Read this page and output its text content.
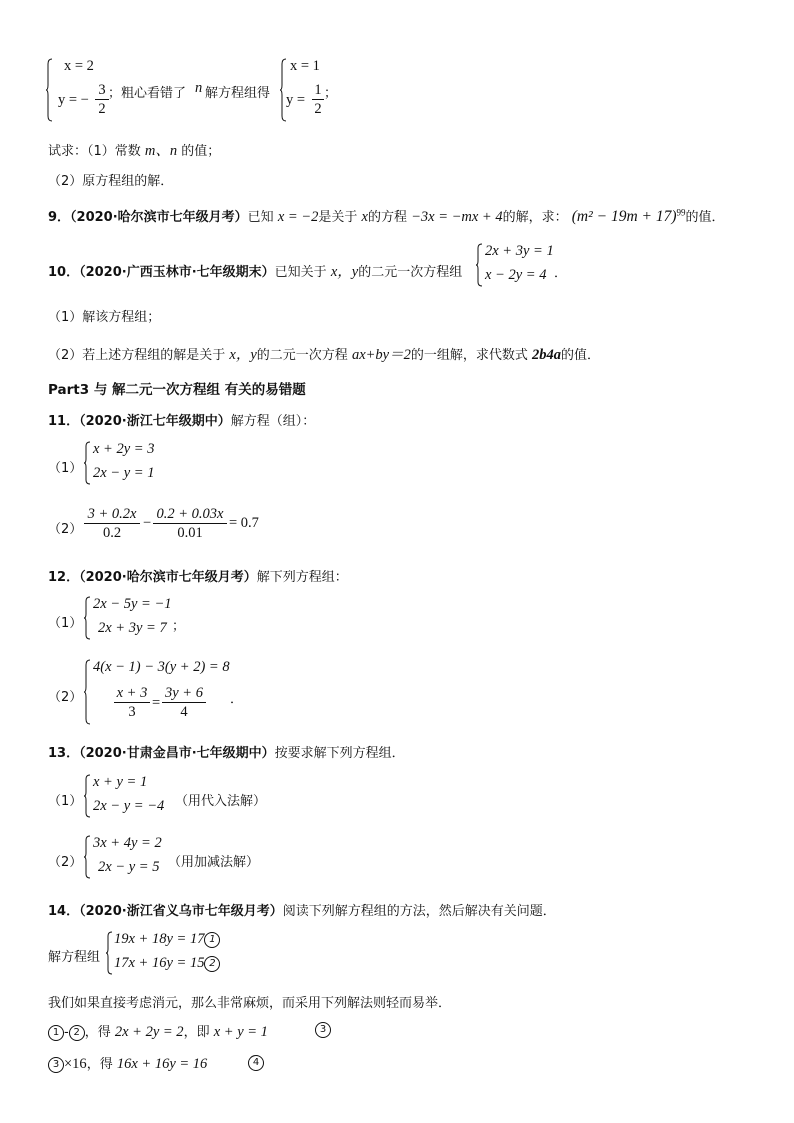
x = 2
y = −
3
2
；粗心看错了 n 解方程组得
x = 1
y =
1
2
；
试求：（1）常数 m、n 的值；
（2）原方程组的解．
9．（2020·哈尔滨市七年级月考）已知 x = −2是关于 x的方程 −3x = −mx + 4的解，求： $(m^2 - 19m + 17)^{99}$的值．
10．（2020·广西玉林市·七年级期末）已知关于 x，y的二元一次方程组
2x + 3y = 1
x − 2y = 4 ．
（1）解该方程组；
（2）若上述方程组的解是关于 x，y的二元一次方程 ax+by＝2的一组解，求代数式 2b4a的值．
Part3 与 解二元一次方程组 有关的易错题
11．（2020·浙江七年级期中）解方程（组）：
（1）
x + 2y = 3
2x − y = 1
（2）
3 + 0.2x
0.2
−
0.2 + 0.03x
0.01
= 0.7
12．（2020·哈尔滨市七年级月考）解下列方程组：
（1）
2x − 5y = −1
2x + 3y = 7 ；
（2）
4(x − 1) − 3(y + 2) = 8
x + 3
3
=
3y + 6
4
．
13．（2020·甘肃金昌市·七年级期中）按要求解下列方程组．
（1）
x + y = 1
2x − y = −4 （用代入法解）
（2）
3x + 4y = 2
2x − y = 5 （用加减法解）
14．（2020·浙江省义乌市七年级月考）阅读下列解方程组的方法，然后解决有关问题．
解方程组
19x + 18y = 17 1
17x + 16y = 15 2
我们如果直接考虑消元，那么非常麻烦，而采用下列解法则轻而易举．
1 - 2 ，得 2x + 2y = 2，即 x + y = 1	3
3 ×16，得 16x + 16y = 16	4
